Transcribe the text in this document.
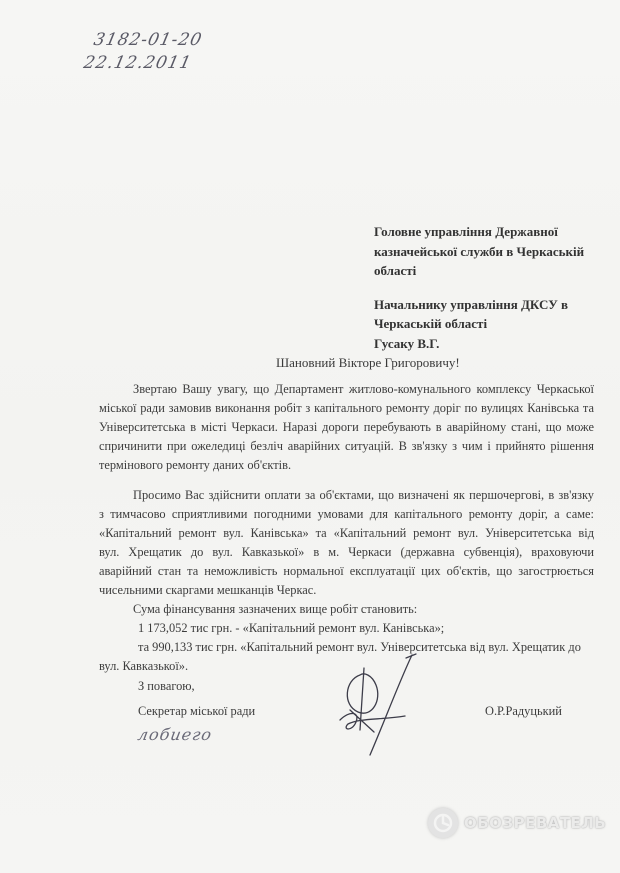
3182-01-20
22.12.2011
Головне управління Державної
казначейської служби в Черкаській
області
Начальнику управління ДКСУ в
Черкаській області
Гусаку В.Г.
Шановний Вікторе Григоровичу!
Звертаю Вашу увагу, що Департамент житлово-комунального комплексу Черкаської
міської ради замовив виконання робіт з капітального ремонту доріг по вулицях Канівська та
Університетська в місті Черкаси. Наразі дороги перебувають в аварійному стані, що може
спричинити при ожеледиці безліч аварійних ситуацій. В зв'язку з чим і прийнято рішення
термінового ремонту даних об'єктів.
Просимо Вас здійснити оплати за об'єктами, що визначені як першочергові, в зв'язку
з тимчасово сприятливими погодними умовами для капітального ремонту доріг, а саме:
«Капітальний ремонт вул. Канівська» та «Капітальний ремонт вул. Університетська від
вул. Хрещатик до вул. Кавказької» в м. Черкаси (державна субвенція), враховуючи
аварійний стан та неможливість нормальної експлуатації цих об'єктів, що загострюється
чисельними скаргами мешканців Черкас.
Сума фінансування зазначених вище робіт становить:
1 173,052 тис грн. - «Капітальний ремонт вул. Канівська»;
та 990,133 тис грн. «Капітальний ремонт вул. Університетська від вул. Хрещатик до
вул. Кавказької».
З повагою,
Секретар міської ради	О.Р.Радуцький
лобиего
ОБОЗРЕВАТЕЛЬ
